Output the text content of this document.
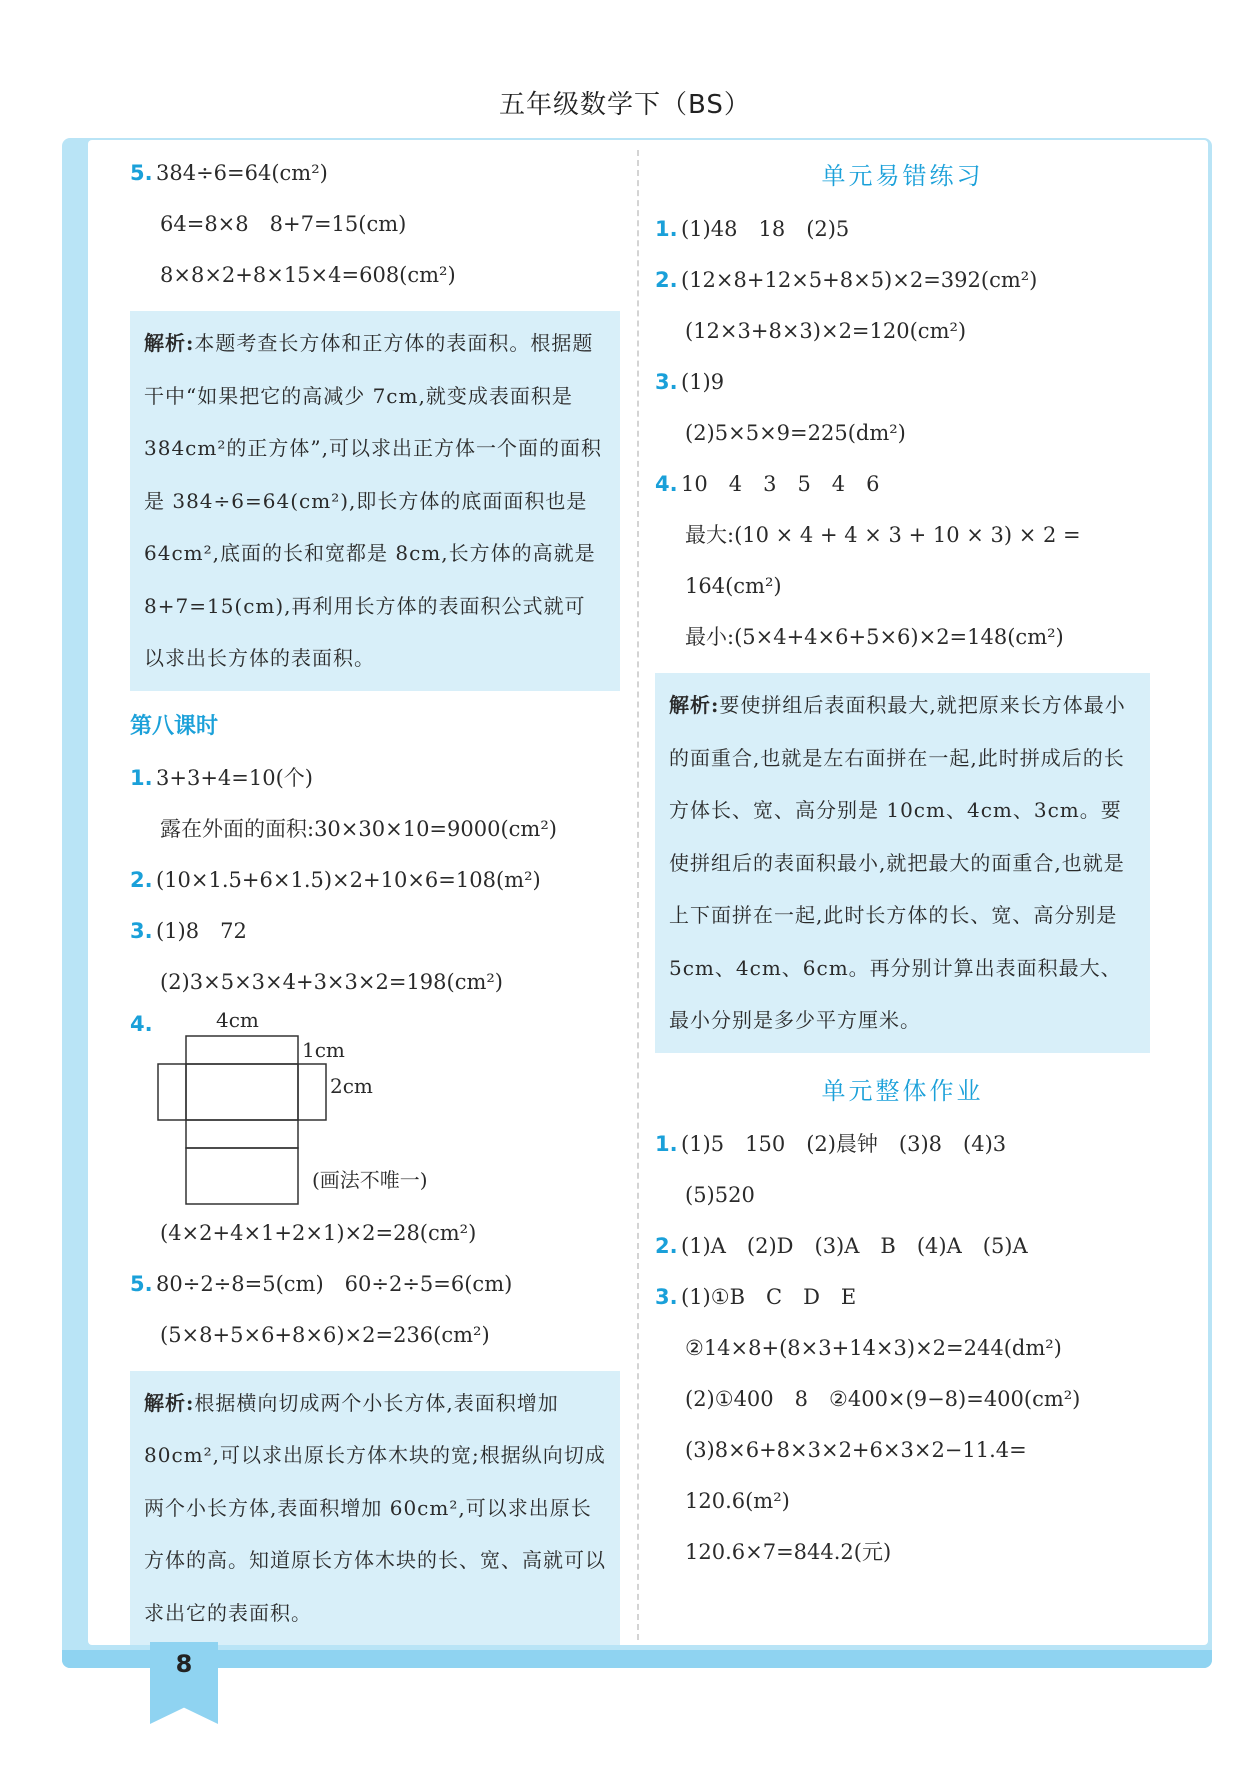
五年级数学下（BS）
5. 384÷6=64(cm²)
64=8×8　8+7=15(cm)
8×8×2+8×15×4=608(cm²)
解析:本题考查长方体和正方体的表面积。根据题干中“如果把它的高减少 7cm,就变成表面积是 384cm²的正方体”,可以求出正方体一个面的面积是 384÷6=64(cm²),即长方体的底面面积也是 64cm²,底面的长和宽都是 8cm,长方体的高就是 8+7=15(cm),再利用长方体的表面积公式就可以求出长方体的表面积。
第八课时
1. 3+3+4=10(个)
露在外面的面积:30×30×10=9000(cm²)
2. (10×1.5+6×1.5)×2+10×6=108(m²)
3. (1)8　72
(2)3×5×3×4+3×3×2=198(cm²)
4.	4cm
1cm
2cm
(画法不唯一)
(4×2+4×1+2×1)×2=28(cm²)
5. 80÷2÷8=5(cm)　60÷2÷5=6(cm)
(5×8+5×6+8×6)×2=236(cm²)
解析:根据横向切成两个小长方体,表面积增加 80cm²,可以求出原长方体木块的宽;根据纵向切成两个小长方体,表面积增加 60cm²,可以求出原长方体的高。知道原长方体木块的长、宽、高就可以求出它的表面积。
单元易错练习
1. (1)48　18　(2)5
2. (12×8+12×5+8×5)×2=392(cm²)
(12×3+8×3)×2=120(cm²)
3. (1)9
(2)5×5×9=225(dm²)
4. 10　4　3　5　4　6
最大:(10 × 4 + 4 × 3 + 10 × 3) × 2 =
164(cm²)
最小:(5×4+4×6+5×6)×2=148(cm²)
解析:要使拼组后表面积最大,就把原来长方体最小的面重合,也就是左右面拼在一起,此时拼成后的长方体长、宽、高分别是 10cm、4cm、3cm。要使拼组后的表面积最小,就把最大的面重合,也就是上下面拼在一起,此时长方体的长、宽、高分别是 5cm、4cm、6cm。再分别计算出表面积最大、最小分别是多少平方厘米。
单元整体作业
1. (1)5　150　(2)晨钟　(3)8　(4)3
(5)520
2. (1)A　(2)D　(3)A　B　(4)A　(5)A
3. (1)①B　C　D　E
②14×8+(8×3+14×3)×2=244(dm²)
(2)①400　8　②400×(9−8)=400(cm²)
(3)8×6+8×3×2+6×3×2−11.4=
120.6(m²)
120.6×7=844.2(元)
8
